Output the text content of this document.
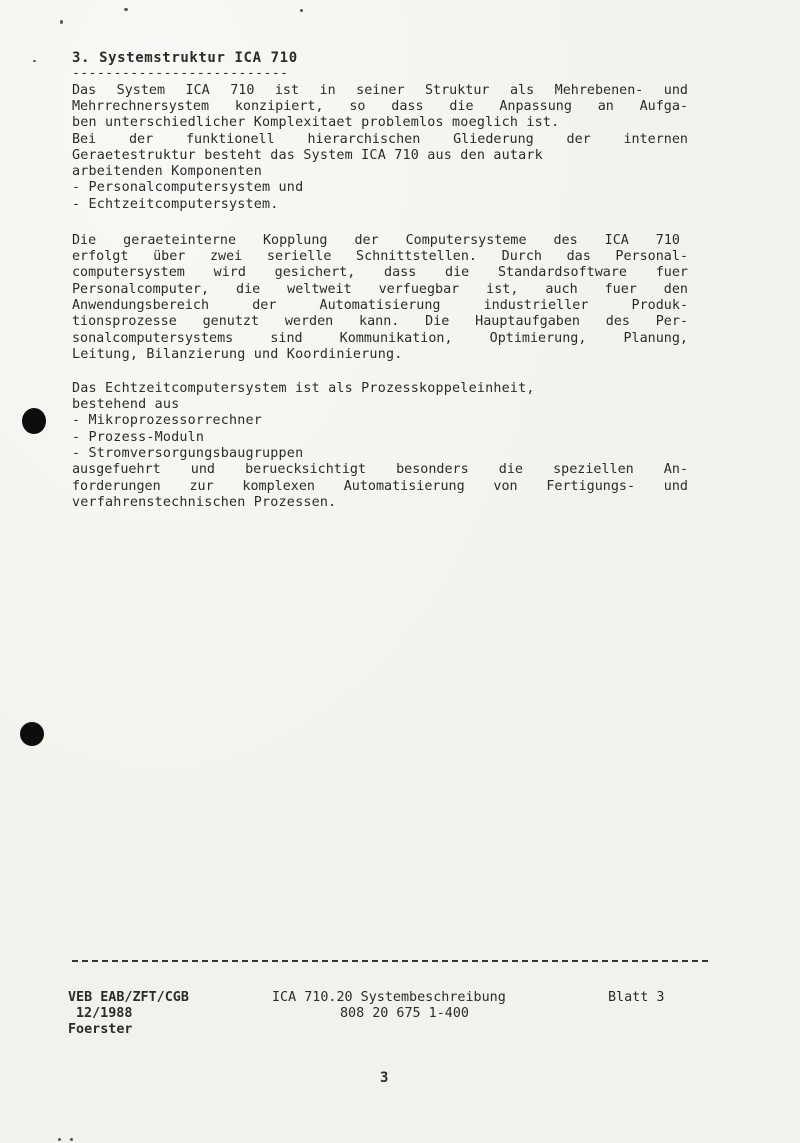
3. Systemstruktur ICA 710
--------------------------
Das System ICA 710 ist in seiner Struktur als Mehrebenen- und
Mehrrechnersystem konzipiert, so dass die Anpassung an Aufga-
ben unterschiedlicher Komplexitaet problemlos moeglich ist.
Bei der funktionell hierarchischen Gliederung der internen
Geraetestruktur besteht das System ICA 710 aus den autark
arbeitenden Komponenten
- Personalcomputersystem und
- Echtzeitcomputersystem.
Die geraeteinterne Kopplung der Computersysteme des ICA 710
erfolgt über zwei serielle Schnittstellen. Durch das Personal-
computersystem wird gesichert, dass die Standardsoftware fuer
Personalcomputer, die weltweit verfuegbar ist, auch fuer den
Anwendungsbereich der Automatisierung industrieller Produk-
tionsprozesse genutzt werden kann. Die Hauptaufgaben des Per-
sonalcomputersystems sind Kommunikation, Optimierung, Planung,
Leitung, Bilanzierung und Koordinierung.
Das Echtzeitcomputersystem ist als Prozesskoppeleinheit,
bestehend aus
- Mikroprozessorrechner
- Prozess-Moduln
- Stromversorgungsbaugruppen
ausgefuehrt und beruecksichtigt besonders die speziellen An-
forderungen zur komplexen Automatisierung von Fertigungs- und
verfahrenstechnischen Prozessen.
VEB EAB/ZFT/CGB
12/1988
Foerster
ICA 710.20 Systembeschreibung
808 20 675 1-400
Blatt 3
3
